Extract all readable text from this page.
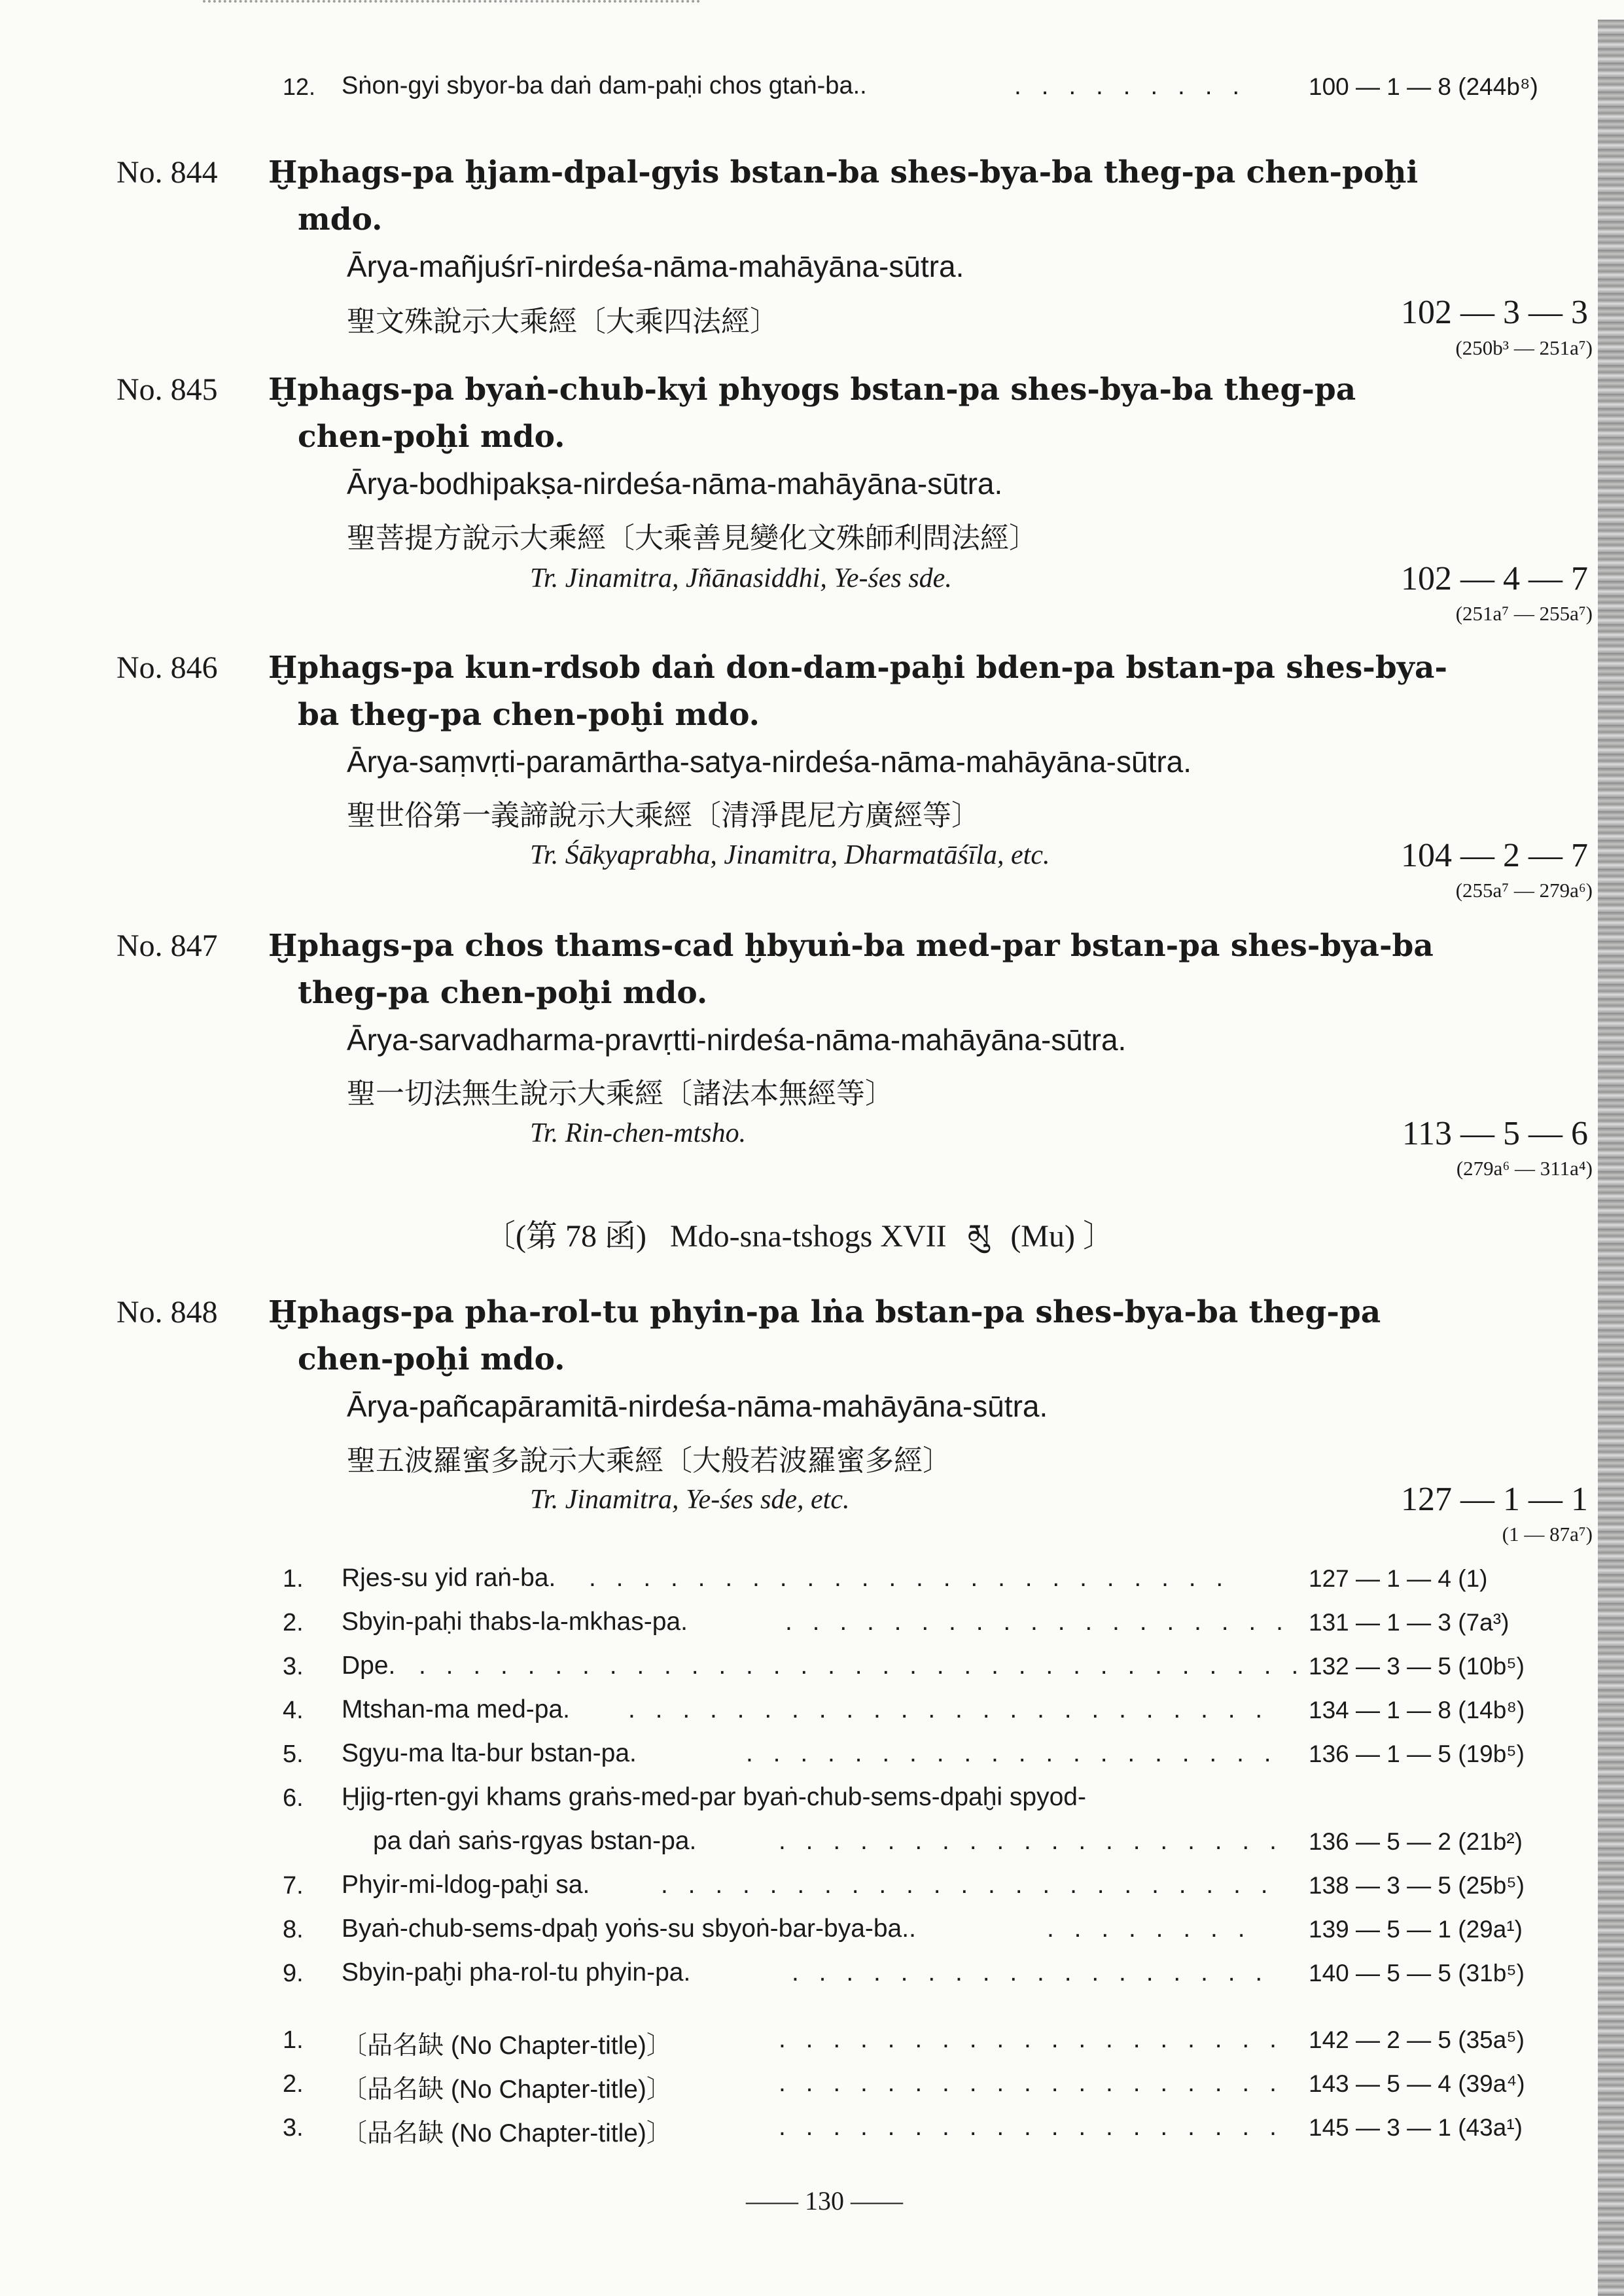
12. Sṅon-gyi sbyor-ba daṅ dam-paḥi chos gtaṅ-ba..	. . . . . . . . .	100 — 1 — 8 (244b⁸)
No. 844 Ḫphags-pa ḫjam-dpal-gyis bstan-ba shes-bya-ba theg-pa chen-poḫi
mdo.
Ārya-mañjuśrī-nirdeśa-nāma-mahāyāna-sūtra.
聖文殊說示大乘經〔大乘四法經〕	102 — 3 — 3
(250b³ — 251a⁷)
No. 845 Ḫphags-pa byaṅ-chub-kyi phyogs bstan-pa shes-bya-ba theg-pa
chen-poḫi mdo.
Ārya-bodhipakṣa-nirdeśa-nāma-mahāyāna-sūtra.
聖菩提方說示大乘經〔大乘善見變化文殊師利問法經〕
Tr. Jinamitra, Jñānasiddhi, Ye-śes sde.	102 — 4 — 7
(251a⁷ — 255a⁷)
No. 846 Ḫphags-pa kun-rdsob daṅ don-dam-paḫi bden-pa bstan-pa shes-bya-
ba theg-pa chen-poḫi mdo.
Ārya-saṃvṛti-paramārtha-satya-nirdeśa-nāma-mahāyāna-sūtra.
聖世俗第一義諦說示大乘經〔清淨毘尼方廣經等〕
Tr. Śākyaprabha, Jinamitra, Dharmatāśīla, etc.	104 — 2 — 7
(255a⁷ — 279a⁶)
No. 847 Ḫphags-pa chos thams-cad ḫbyuṅ-ba med-par bstan-pa shes-bya-ba
theg-pa chen-poḫi mdo.
Ārya-sarvadharma-pravṛtti-nirdeśa-nāma-mahāyāna-sūtra.
聖一切法無生說示大乘經〔諸法本無經等〕
Tr. Rin-chen-mtsho.	113 — 5 — 6
(279a⁶ — 311a⁴)
〔(第 78 函) Mdo-sna-tshogs XVII མུ (Mu) 〕
No. 848 Ḫphags-pa pha-rol-tu phyin-pa lṅa bstan-pa shes-bya-ba theg-pa
chen-poḫi mdo.
Ārya-pañcapāramitā-nirdeśa-nāma-mahāyāna-sūtra.
聖五波羅蜜多說示大乘經〔大般若波羅蜜多經〕
Tr. Jinamitra, Ye-śes sde, etc.	127 — 1 — 1
(1 — 87a⁷)
1. Rjes-su yid raṅ-ba. . . . . . . . . . . . . . . . . . . . . . . . .	127 — 1 — 4 (1)
2. Sbyin-paḥi thabs-la-mkhas-pa.	. . . . . . . . . . . . . . . . . . . 131 — 1 — 3 (7a³)
3. Dpe. . . . . . . . . . . . . . . . . . . . . . . . . . . . . . . . . . 132 — 3 — 5 (10b⁵)
4. Mtshan-ma med-pa. . . . . . . . . . . . . . . . . . . . . . . . . 134 — 1 — 8 (14b⁸)
5. Sgyu-ma lta-bur bstan-pa.	. . . . . . . . . . . . . . . . . . . . 136 — 1 — 5 (19b⁵)
6. Ḫjig-rten-gyi khams graṅs-med-par byaṅ-chub-sems-dpaḫi spyod-
pa daṅ saṅs-rgyas bstan-pa.	. . . . . . . . . . . . . . . . . . . 136 — 5 — 2 (21b²)
7. Phyir-mi-ldog-paḫi sa.	. . . . . . . . . . . . . . . . . . . . . . . 138 — 3 — 5 (25b⁵)
8. Byaṅ-chub-sems-dpaḫ yoṅs-su sbyoṅ-bar-bya-ba..	. . . . . . . . 139 — 5 — 1 (29a¹)
9. Sbyin-paḫi pha-rol-tu phyin-pa.	. . . . . . . . . . . . . . . . . . 140 — 5 — 5 (31b⁵)
1. 〔品名缺 (No Chapter-title)〕	. . . . . . . . . . . . . . . . . . . 142 — 2 — 5 (35a⁵)
2. 〔品名缺 (No Chapter-title)〕	. . . . . . . . . . . . . . . . . . . 143 — 5 — 4 (39a⁴)
3. 〔品名缺 (No Chapter-title)〕	. . . . . . . . . . . . . . . . . . . 145 — 3 — 1 (43a¹)
—— 130 ——
